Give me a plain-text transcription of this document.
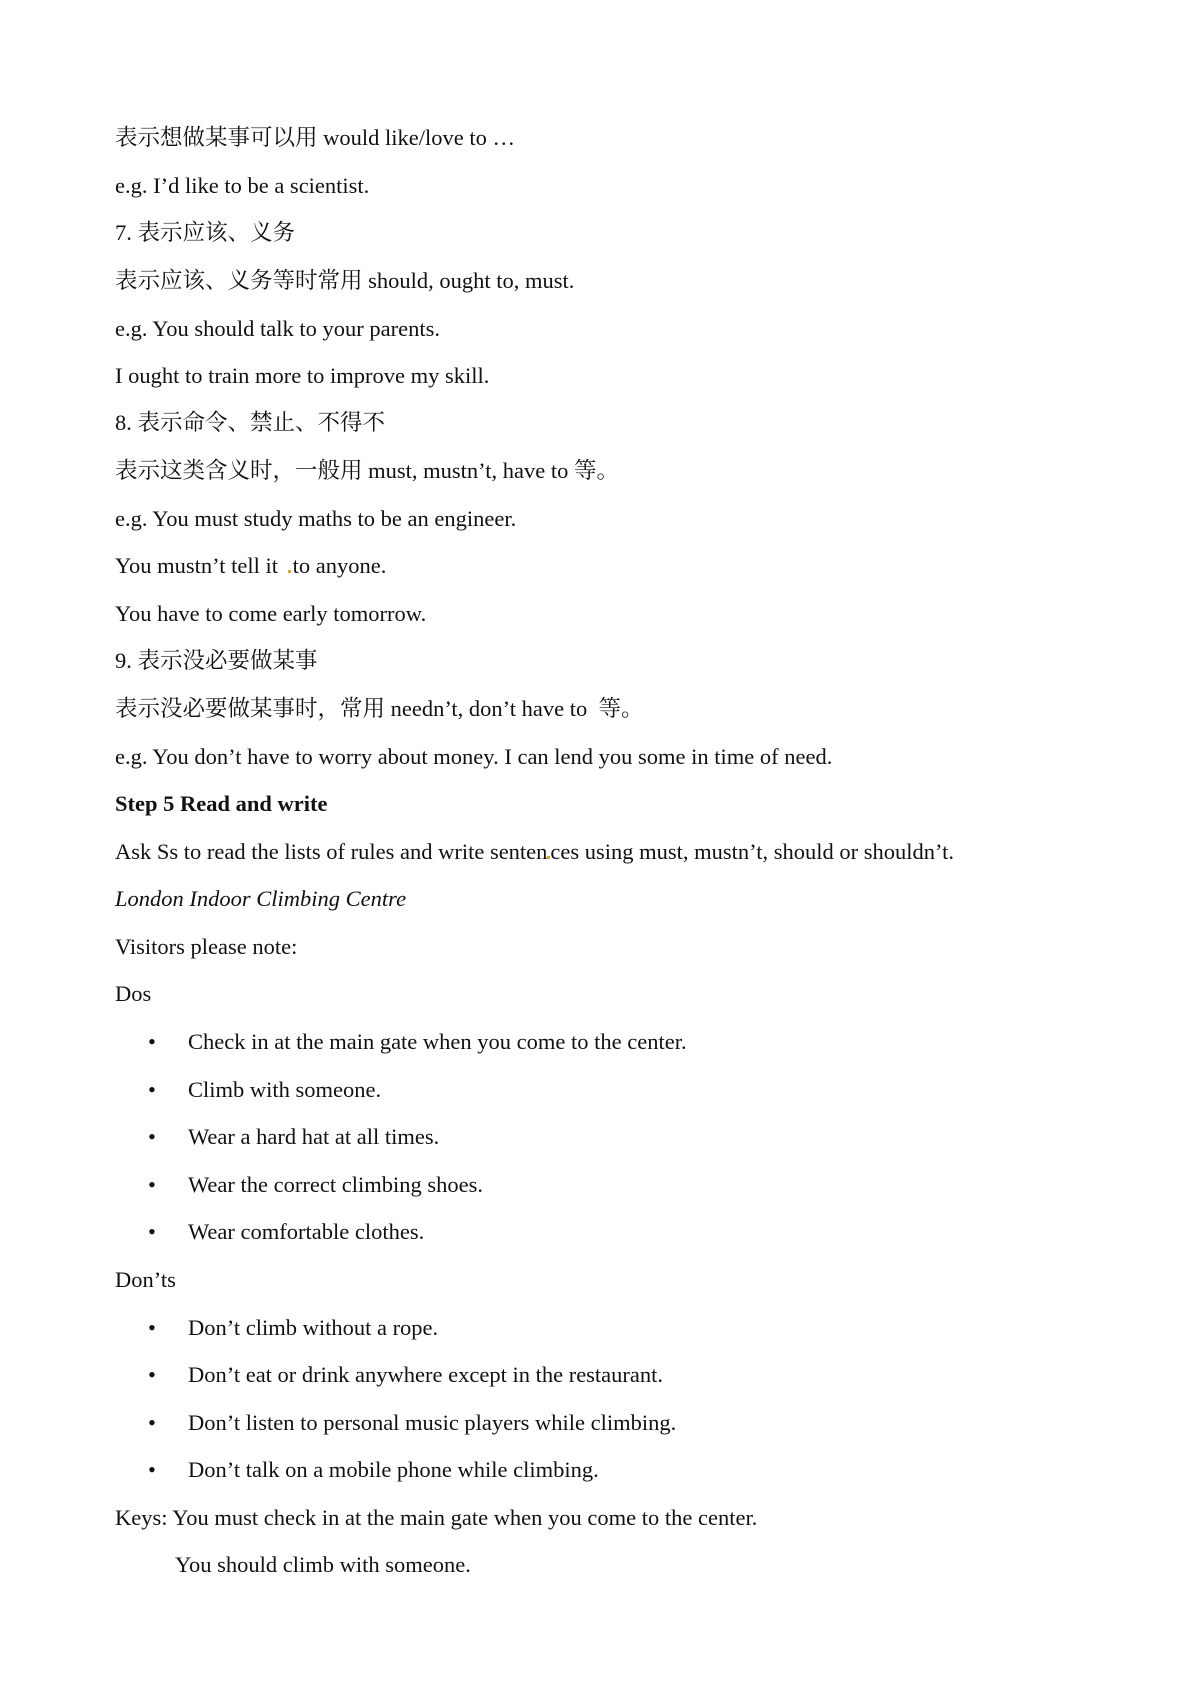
表示想做某事可以用 would like/love to …
e.g. I’d like to be a scientist.
7. 表示应该、义务
表示应该、义务等时常用 should, ought to, must.
e.g. You should talk to your parents.
I ought to train more to improve my skill.
8. 表示命令、禁止、不得不
表示这类含义时，一般用 must, mustn’t, have to 等。
e.g. You must study maths to be an engineer.
You mustn’t tell it to anyone.
You have to come early tomorrow.
9. 表示没必要做某事
表示没必要做某事时，常用 needn’t, don’t have to  等。
e.g. You don’t have to worry about money. I can lend you some in time of need.
Step 5 Read and write
Ask Ss to read the lists of rules and write senten ces using must, mustn’t, should or shouldn’t.
London Indoor Climbing Centre
Visitors please note:
Dos
• Check in at the main gate when you come to the center.
• Climb with someone.
• Wear a hard hat at all times.
• Wear the correct climbing shoes.
• Wear comfortable clothes.
Don’ts
• Don’t climb without a rope.
• Don’t eat or drink anywhere except in the restaurant.
• Don’t listen to personal music players while climbing.
• Don’t talk on a mobile phone while climbing.
Keys: You must check in at the main gate when you come to the center.
You should climb with someone.
